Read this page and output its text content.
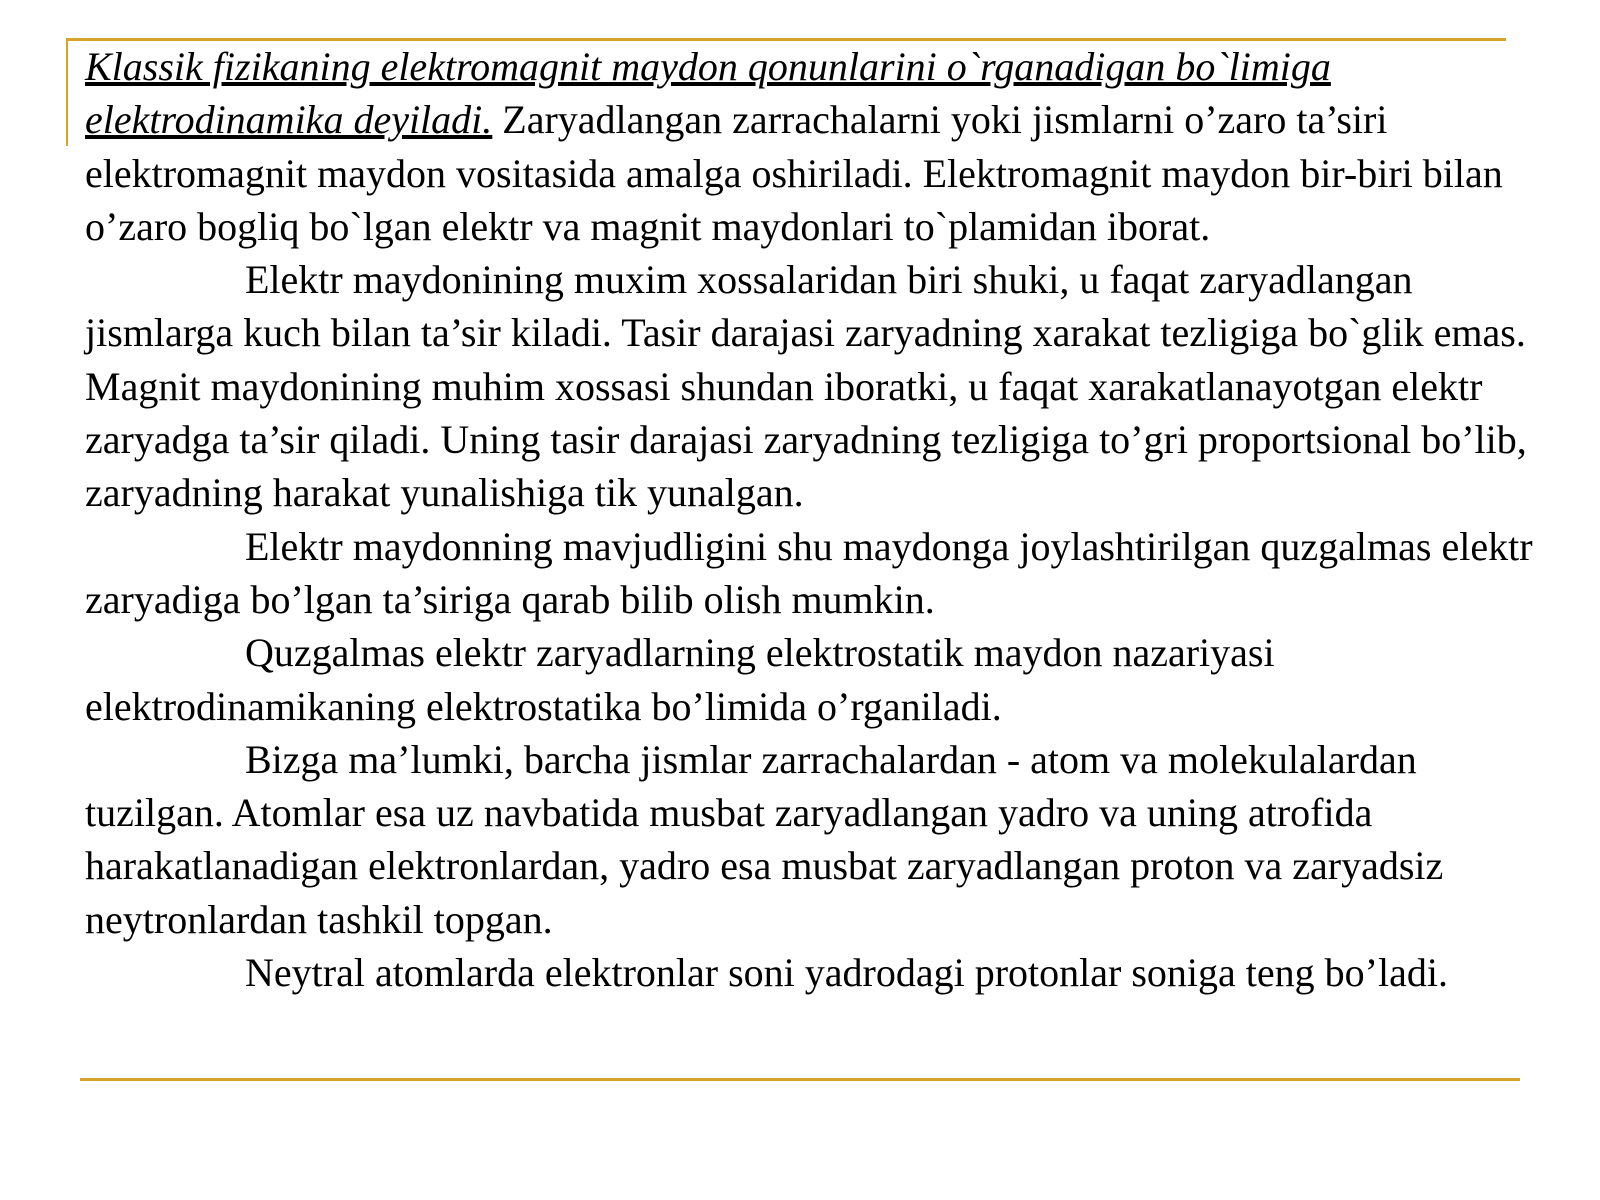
Klassik fizikaning elektromagnit maydon qonunlarini o`rganadigan bo`limiga elektrodinamika deyiladi. Zaryadlangan zarrachalarni yoki jismlarni o’zaro ta’siri elektromagnit maydon vositasida amalga oshiriladi. Elektromagnit maydon bir-biri bilan o’zaro bogliq bo`lgan elektr va magnit maydonlari to`plamidan iborat.

Elektr maydonining muxim xossalaridan biri shuki, u faqat zaryadlangan jismlarga kuch bilan ta’sir kiladi. Tasir darajasi zaryadning xarakat tezligiga bo`glik emas. Magnit maydonining muhim xossasi shundan iboratki, u faqat xarakatlanayotgan elektr zaryadga ta’sir qiladi. Uning tasir darajasi zaryadning tezligiga to’gri proportsional bo’lib, zaryadning harakat yunalishiga tik yunalgan.

Elektr maydonning mavjudligini shu maydonga joylashtirilgan quzgalmas elektr zaryadiga bo’lgan ta’siriga qarab bilib olish mumkin.

Quzgalmas elektr zaryadlarning elektrostatik maydon nazariyasi elektrodinamikaning elektrostatika bo’limida o’rganiladi.

Bizga ma’lumki, barcha jismlar zarrachalardan - atom va molekulalardan tuzilgan. Atomlar esa uz navbatida musbat zaryadlangan yadro va uning atrofida harakatlanadigan elektronlardan, yadro esa musbat zaryadlangan proton va zaryadsiz neytronlardan tashkil topgan.

Neytral atomlarda elektronlar soni yadrodagi protonlar soniga teng bo’ladi.
